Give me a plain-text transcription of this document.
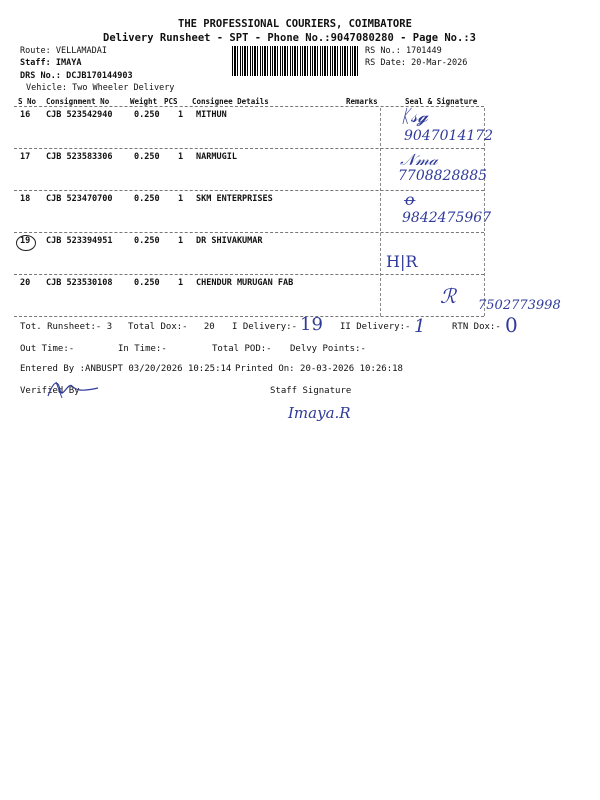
THE PROFESSIONAL COURIERS, COIMBATORE
Delivery Runsheet - SPT - Phone No.:9047080280 - Page No.:3
Route: VELLAMADAI
Staff: IMAYA
DRS No.: DCJB170144903
Vehicle: Two Wheeler Delivery
RS No.: 1701449
RS Date: 20-Mar-2026
S No Consignment No	Weight PCS Consignee Details	Remarks	Seal & Signature
16 CJB 523542940	0.250 1 MITHUN	ᛕ𝓈𝓰
9047014172
17 CJB 523583306	0.250 1 NARMUGIL	𝒩𝓂𝒶
7708828885
18 CJB 523470700	0.250 1 SKM ENTERPRISES	ꝋ
9842475967
19 CJB 523394951	0.250 1 DR SHIVAKUMAR
H|R
20 CJB 523530108	0.250 1 CHENDUR MURUGAN FAB
ℛ 7502773998
Tot. Runsheet:- 3 Total Dox:- 20 I Delivery:- 19 II Delivery:- 1	RTN Dox:- 0
Out Time:-	In Time:-	Total POD:- Delvy Points:-
Entered By :ANBUSPT 03/20/2026 10:25:14 Printed On: 20-03-2026 10:26:18
Verified By	Staff Signature
Imaya.R
